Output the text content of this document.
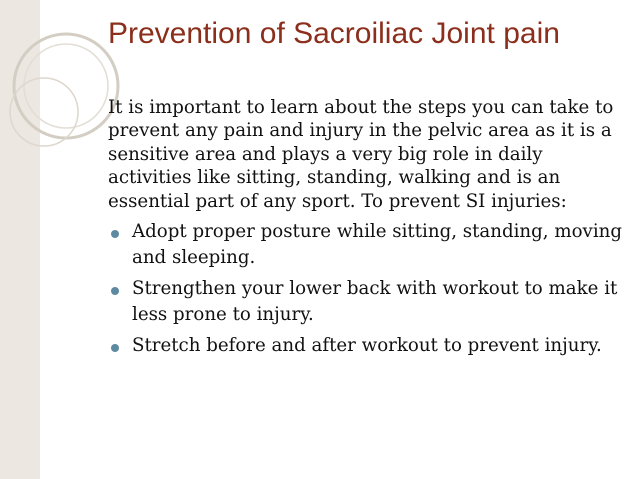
Prevention of Sacroiliac Joint pain

It is important to learn about the steps you can take to prevent any pain and injury in the pelvic area as it is a sensitive area and plays a very big role in daily activities like sitting, standing, walking and is an essential part of any sport. To prevent SI injuries:

Adopt proper posture while sitting, standing, moving and sleeping.
Strengthen your lower back with workout to make it less prone to injury.
Stretch before and after workout to prevent injury.
